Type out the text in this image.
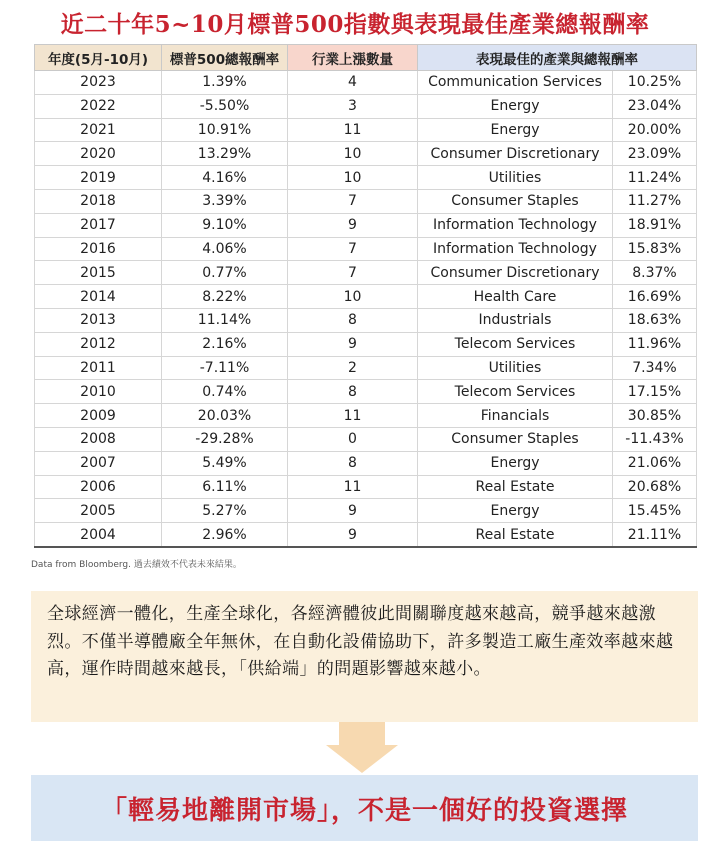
近二十年5~10月標普500指數與表現最佳產業總報酬率
年度(5月-10月)	標普500總報酬率	行業上漲數量	表現最佳的產業與總報酬率	
2023	1.39%	4	Communication Services	10.25%
2022	-5.50%	3	Energy	23.04%
2021	10.91%	11	Energy	20.00%
2020	13.29%	10	Consumer Discretionary	23.09%
2019	4.16%	10	Utilities	11.24%
2018	3.39%	7	Consumer Staples	11.27%
2017	9.10%	9	Information Technology	18.91%
2016	4.06%	7	Information Technology	15.83%
2015	0.77%	7	Consumer Discretionary	8.37%
2014	8.22%	10	Health Care	16.69%
2013	11.14%	8	Industrials	18.63%
2012	2.16%	9	Telecom Services	11.96%
2011	-7.11%	2	Utilities	7.34%
2010	0.74%	8	Telecom Services	17.15%
2009	20.03%	11	Financials	30.85%
2008	-29.28%	0	Consumer Staples	-11.43%
2007	5.49%	8	Energy	21.06%
2006	6.11%	11	Real Estate	20.68%
2005	5.27%	9	Energy	15.45%
2004	2.96%	9	Real Estate	21.11%
Data from Bloomberg. 過去績效不代表未來結果。
全球經濟一體化，生產全球化，各經濟體彼此間關聯度越來越高，競爭越來越激烈。不僅半導體廠全年無休，在自動化設備協助下，許多製造工廠生產效率越來越高，運作時間越來越長，「供給端」的問題影響越來越小。
「輕易地離開市場」，不是一個好的投資選擇
